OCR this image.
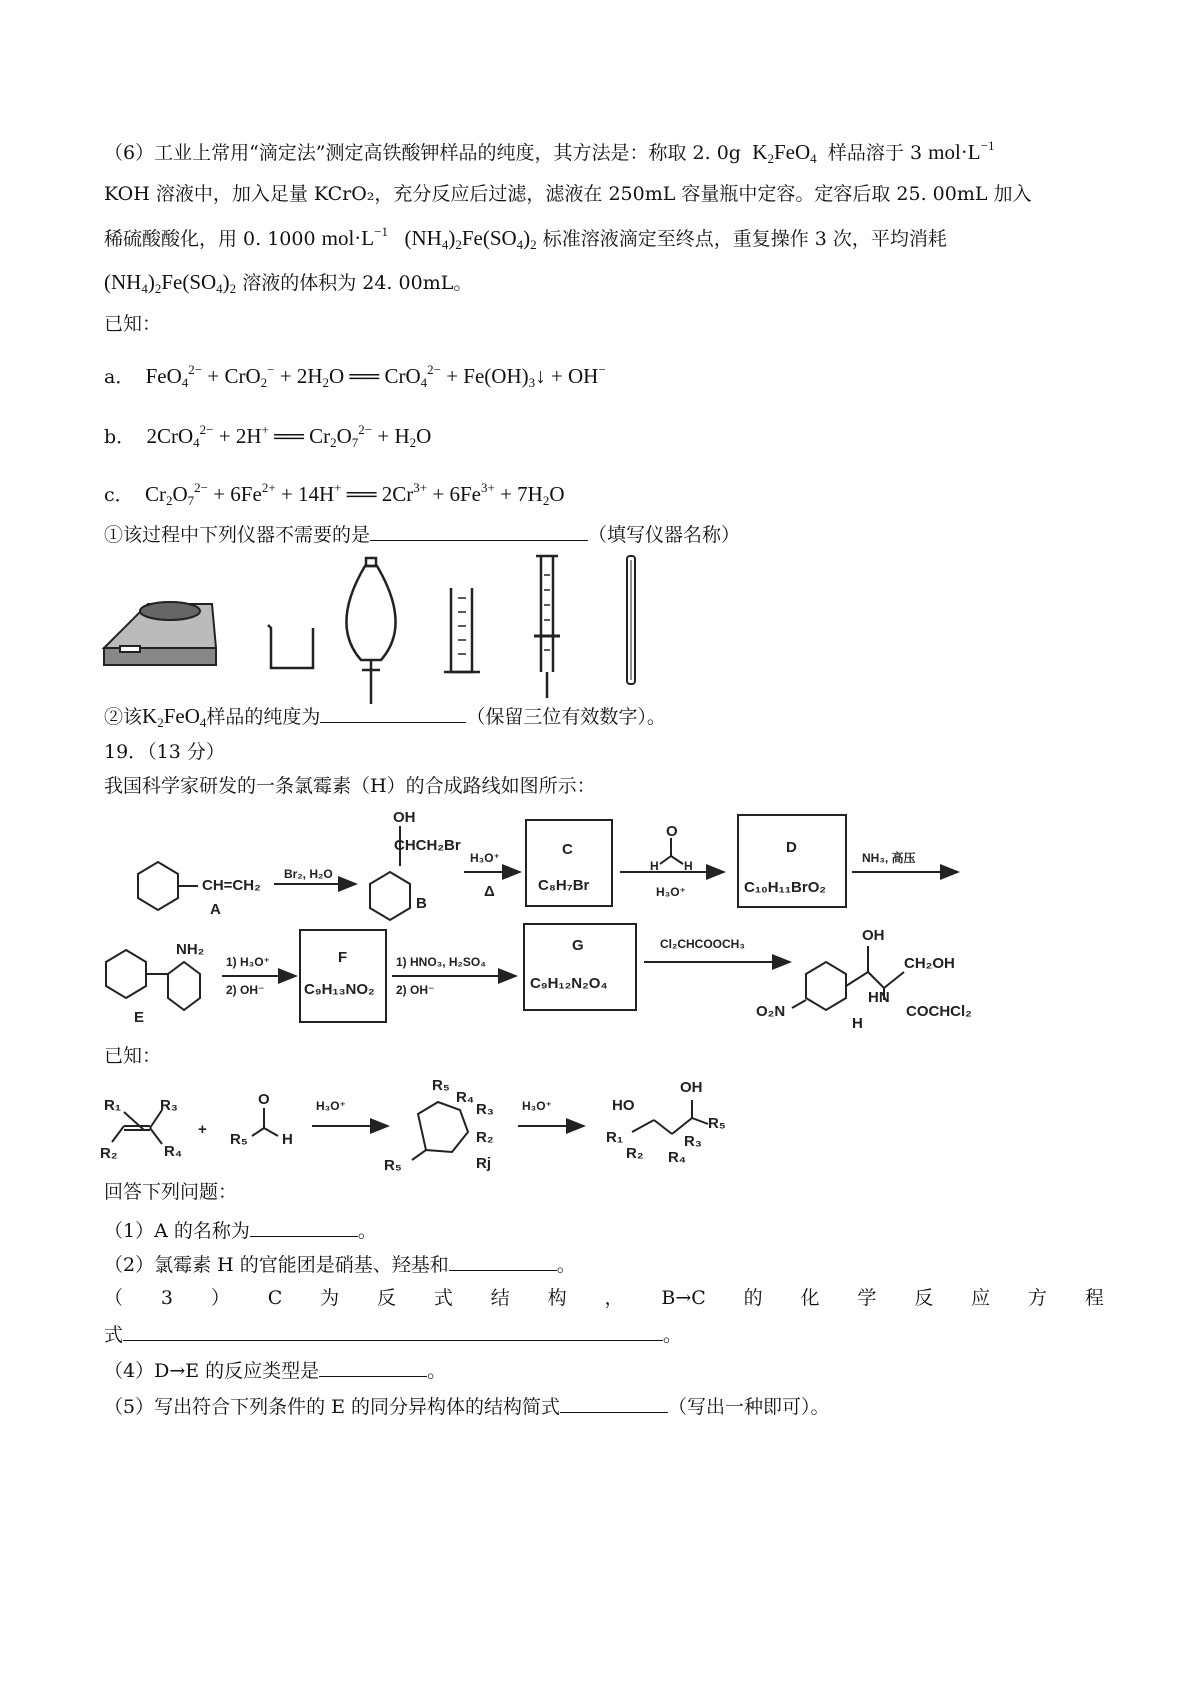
（6）工业上常用“滴定法”测定高铁酸钾样品的纯度，其方法是：称取 2. 0g  $K_2FeO_4$ 样品溶于 3 $mol\cdot L^{-1}$
KOH 溶液中，加入足量 KCrO₂，充分反应后过滤，滤液在 250mL 容量瓶中定容。定容后取 25. 00mL 加入
稀硫酸酸化，用 0. 1000 $mol\cdot L^{-1}$ $(NH_4)_2Fe(SO_4)_2$ 标准溶液滴定至终点，重复操作 3 次，平均消耗
$(NH_4)_2Fe(SO_4)_2$ 溶液的体积为 24. 00mL。
已知：
a．  $FeO_4^{2-} + CrO_2^- + 2H_2O$ ══ $CrO_4^{2-} + Fe(OH)_3↓ + OH^-$
b．  2CrO$_4^{2-}$ + 2H+ ══ $Cr_2O_7^{2-} + H_2O$
c．  $Cr_2O_7^{2-} + 6Fe^{2+} + 14H^+$ ══ $2Cr^{3+} + 6Fe^{3+} + 7H_2O$
①该过程中下列仪器不需要的是	（填写仪器名称）
②该$K_2FeO_4$样品的纯度为	（保留三位有效数字）。
19．（13 分）
我国科学家研发的一条氯霉素（H）的合成路线如图所示：
CH=CH₂
A
Br₂, H₂O
OH
CHCH₂Br
B
H₃O⁺
Δ
C
C₈H₇Br
O
H H
H₃O⁺
D
C₁₀H₁₁BrO₂
NH₃, 高压
NH₂
E
1) H₃O⁺
2) OH⁻
F
C₉H₁₃NO₂
1) HNO₃, H₂SO₄
2) OH⁻
G
C₉H₁₂N₂O₄
Cl₂CHCOOCH₃	OH
CH₂OH
HN
COCHCl₂
O₂N
H
已知：
R₁	R₃
R₂	R₄
+
O
R₅ H
H₃O⁺
R₅
R₄
R₃
R₂
Rj
R₅
H₃O⁺
OH
HO
R₁
R₂ R₄
R₃
R₅
回答下列问题：
（1）A 的名称为	。
（2）氯霉素 H 的官能团是硝基、羟基和	。
（ 3 ） C 为 反 式 结 构 ， B→C 的 化 学 反 应 方 程
式	。
（4）D→E 的反应类型是	。
（5）写出符合下列条件的 E 的同分异构体的结构简式	（写出一种即可）。
